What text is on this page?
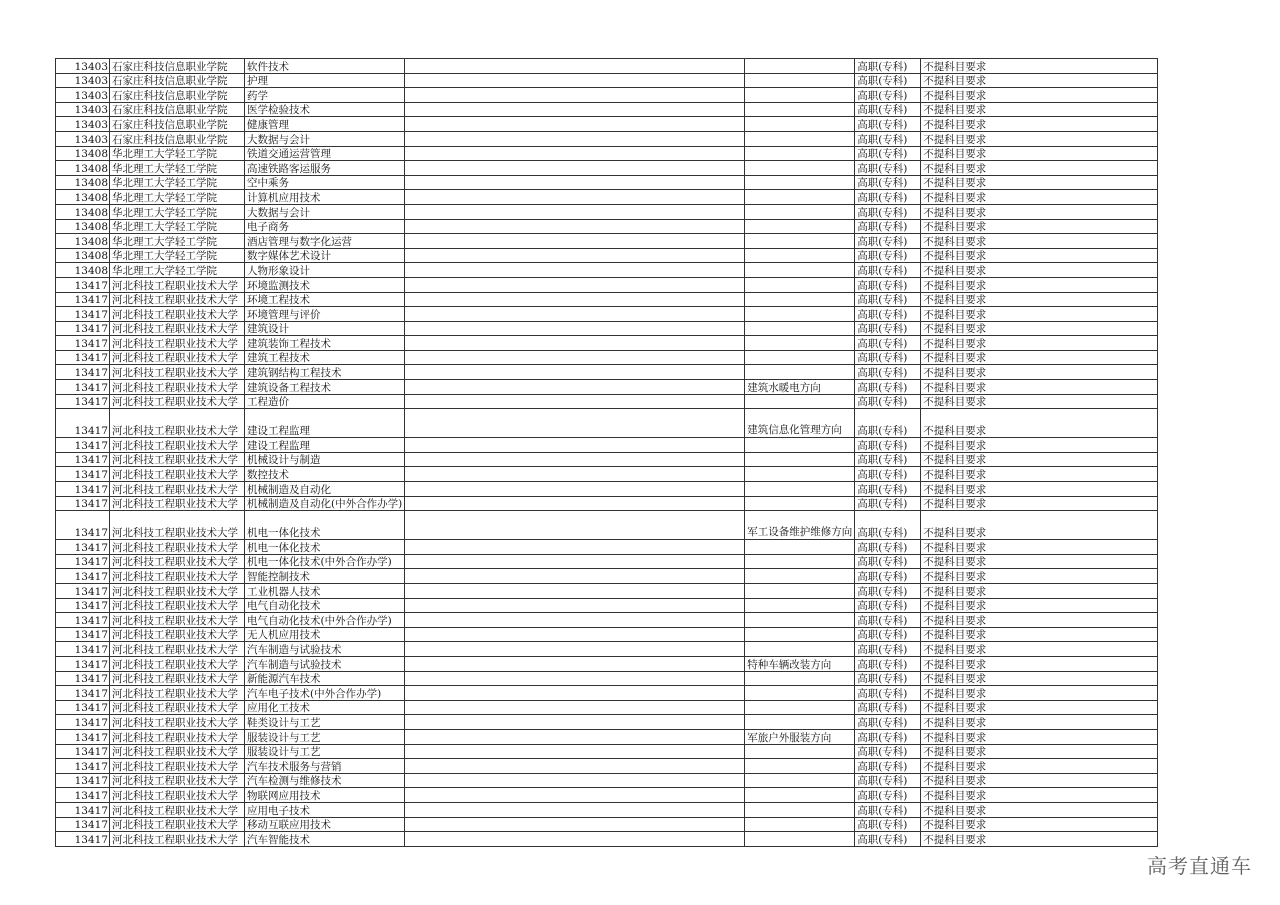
13403	石家庄科技信息职业学院	软件技术			高职(专科)	不提科目要求
13403	石家庄科技信息职业学院	护理			高职(专科)	不提科目要求
13403	石家庄科技信息职业学院	药学			高职(专科)	不提科目要求
13403	石家庄科技信息职业学院	医学检验技术			高职(专科)	不提科目要求
13403	石家庄科技信息职业学院	健康管理			高职(专科)	不提科目要求
13403	石家庄科技信息职业学院	大数据与会计			高职(专科)	不提科目要求
13408	华北理工大学轻工学院	铁道交通运营管理			高职(专科)	不提科目要求
13408	华北理工大学轻工学院	高速铁路客运服务			高职(专科)	不提科目要求
13408	华北理工大学轻工学院	空中乘务			高职(专科)	不提科目要求
13408	华北理工大学轻工学院	计算机应用技术			高职(专科)	不提科目要求
13408	华北理工大学轻工学院	大数据与会计			高职(专科)	不提科目要求
13408	华北理工大学轻工学院	电子商务			高职(专科)	不提科目要求
13408	华北理工大学轻工学院	酒店管理与数字化运营			高职(专科)	不提科目要求
13408	华北理工大学轻工学院	数字媒体艺术设计			高职(专科)	不提科目要求
13408	华北理工大学轻工学院	人物形象设计			高职(专科)	不提科目要求
13417	河北科技工程职业技术大学	环境监测技术			高职(专科)	不提科目要求
13417	河北科技工程职业技术大学	环境工程技术			高职(专科)	不提科目要求
13417	河北科技工程职业技术大学	环境管理与评价			高职(专科)	不提科目要求
13417	河北科技工程职业技术大学	建筑设计			高职(专科)	不提科目要求
13417	河北科技工程职业技术大学	建筑装饰工程技术			高职(专科)	不提科目要求
13417	河北科技工程职业技术大学	建筑工程技术			高职(专科)	不提科目要求
13417	河北科技工程职业技术大学	建筑钢结构工程技术			高职(专科)	不提科目要求
13417	河北科技工程职业技术大学	建筑设备工程技术		建筑水暖电方向	高职(专科)	不提科目要求
13417	河北科技工程职业技术大学	工程造价			高职(专科)	不提科目要求
13417	河北科技工程职业技术大学	建设工程监理		建筑信息化管理方向	高职(专科)	不提科目要求
13417	河北科技工程职业技术大学	建设工程监理			高职(专科)	不提科目要求
13417	河北科技工程职业技术大学	机械设计与制造			高职(专科)	不提科目要求
13417	河北科技工程职业技术大学	数控技术			高职(专科)	不提科目要求
13417	河北科技工程职业技术大学	机械制造及自动化			高职(专科)	不提科目要求
13417	河北科技工程职业技术大学	机械制造及自动化(中外合作办学)			高职(专科)	不提科目要求
13417	河北科技工程职业技术大学	机电一体化技术		军工设备维护维修方向	高职(专科)	不提科目要求
13417	河北科技工程职业技术大学	机电一体化技术			高职(专科)	不提科目要求
13417	河北科技工程职业技术大学	机电一体化技术(中外合作办学)			高职(专科)	不提科目要求
13417	河北科技工程职业技术大学	智能控制技术			高职(专科)	不提科目要求
13417	河北科技工程职业技术大学	工业机器人技术			高职(专科)	不提科目要求
13417	河北科技工程职业技术大学	电气自动化技术			高职(专科)	不提科目要求
13417	河北科技工程职业技术大学	电气自动化技术(中外合作办学)			高职(专科)	不提科目要求
13417	河北科技工程职业技术大学	无人机应用技术			高职(专科)	不提科目要求
13417	河北科技工程职业技术大学	汽车制造与试验技术			高职(专科)	不提科目要求
13417	河北科技工程职业技术大学	汽车制造与试验技术		特种车辆改装方向	高职(专科)	不提科目要求
13417	河北科技工程职业技术大学	新能源汽车技术			高职(专科)	不提科目要求
13417	河北科技工程职业技术大学	汽车电子技术(中外合作办学)			高职(专科)	不提科目要求
13417	河北科技工程职业技术大学	应用化工技术			高职(专科)	不提科目要求
13417	河北科技工程职业技术大学	鞋类设计与工艺			高职(专科)	不提科目要求
13417	河北科技工程职业技术大学	服装设计与工艺		军旅户外服装方向	高职(专科)	不提科目要求
13417	河北科技工程职业技术大学	服装设计与工艺			高职(专科)	不提科目要求
13417	河北科技工程职业技术大学	汽车技术服务与营销			高职(专科)	不提科目要求
13417	河北科技工程职业技术大学	汽车检测与维修技术			高职(专科)	不提科目要求
13417	河北科技工程职业技术大学	物联网应用技术			高职(专科)	不提科目要求
13417	河北科技工程职业技术大学	应用电子技术			高职(专科)	不提科目要求
13417	河北科技工程职业技术大学	移动互联应用技术			高职(专科)	不提科目要求
13417	河北科技工程职业技术大学	汽车智能技术			高职(专科)	不提科目要求
高考直通车
